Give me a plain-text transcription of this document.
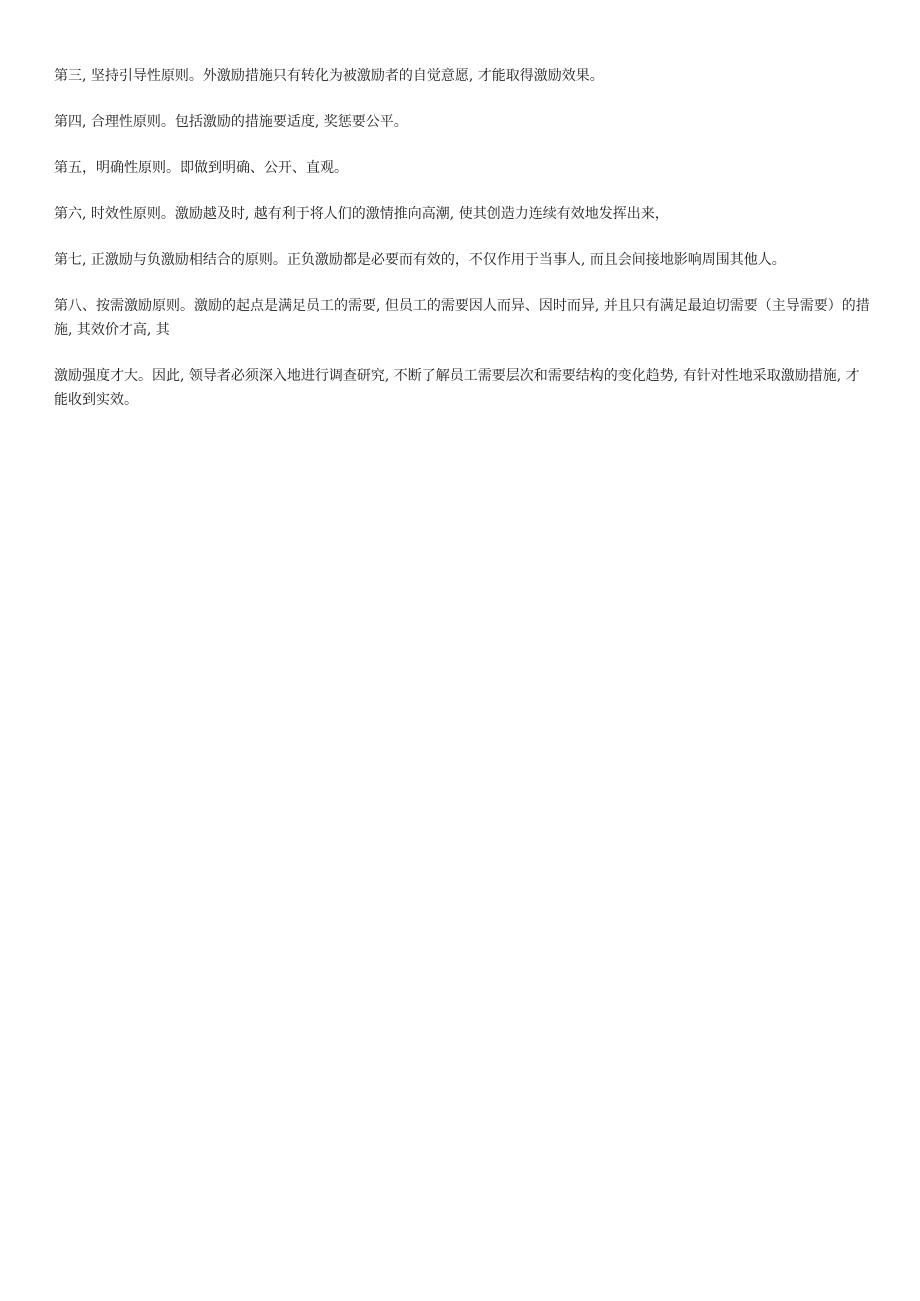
第三, 坚持引导性原则。外激励措施只有转化为被激励者的自觉意愿, 才能取得激励效果。

第四, 合理性原则。包括激励的措施要适度, 奖惩要公平。

第五，明确性原则。即做到明确、公开、直观。

第六, 时效性原则。激励越及时, 越有利于将人们的激情推向高潮, 使其创造力连续有效地发挥出来，

第七, 正激励与负激励相结合的原则。正负激励都是必要而有效的，不仅作用于当事人, 而且会间接地影响周围其他人。

第八、按需激励原则。激励的起点是满足员工的需要, 但员工的需要因人而异、因时而异, 并且只有满足最迫切需要（主导需要）的措施, 其效价才高, 其

激励强度才大。因此, 领导者必须深入地进行调查研究, 不断了解员工需要层次和需要结构的变化趋势, 有针对性地采取激励措施, 才能收到实效。
